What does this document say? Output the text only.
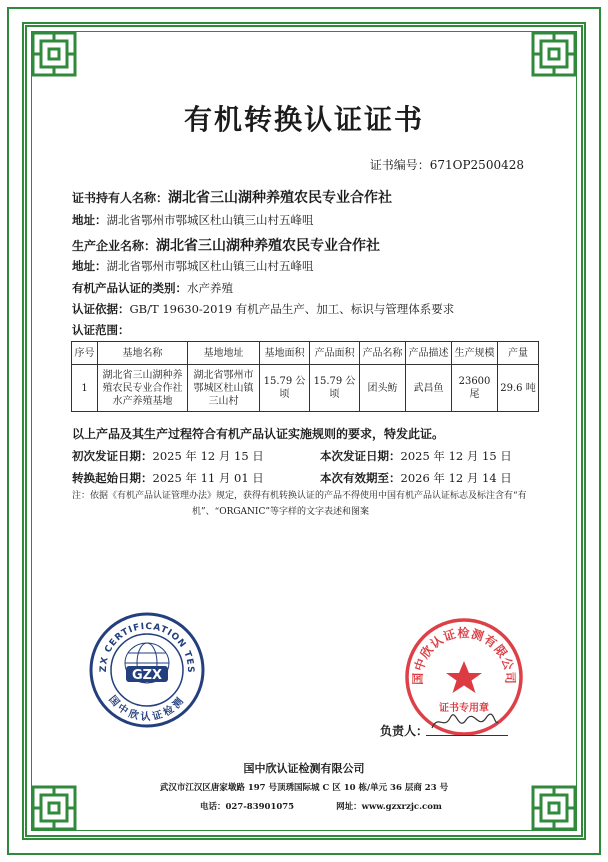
有机转换认证证书
证书编号：671OP2500428
证书持有人名称：湖北省三山湖种养殖农民专业合作社
地址：湖北省鄂州市鄂城区杜山镇三山村五峰咀
生产企业名称：湖北省三山湖种养殖农民专业合作社
地址：湖北省鄂州市鄂城区杜山镇三山村五峰咀
有机产品认证的类别：水产养殖
认证依据：GB/T 19630-2019 有机产品生产、加工、标识与管理体系要求
认证范围：
序号	基地名称	基地地址	基地面积	产品面积	产品名称	产品描述	生产规模	产量
1	湖北省三山湖种养殖农民专业合作社水产养殖基地	湖北省鄂州市鄂城区杜山镇三山村	15.79 公顷	15.79 公顷	团头鲂	武昌鱼	23600 尾	29.6 吨
以上产品及其生产过程符合有机产品认证实施规则的要求，特发此证。
初次发证日期：2025 年 12 月 15 日	本次发证日期：2025 年 12 月 15 日
转换起始日期：2025 年 11 月 01 日	本次有效期至：2026 年 12 月 14 日
注：依据《有机产品认证管理办法》规定，获得有机转换认证的产品不得使用中国有机产品认证标志及标注含有“有
机”、“ORGANIC”等字样的文字表述和图案
ZX CERTIFICATION TES
国中欣认证检测
GZX	国中欣认证检测有限公司
证书专用章
负责人：
国中欣认证检测有限公司
武汉市江汉区唐家墩路 197 号顶琇国际城 C 区 10 栋/单元 36 层商 23 号
电话：027-83901075	网址：www.gzxrzjc.com
